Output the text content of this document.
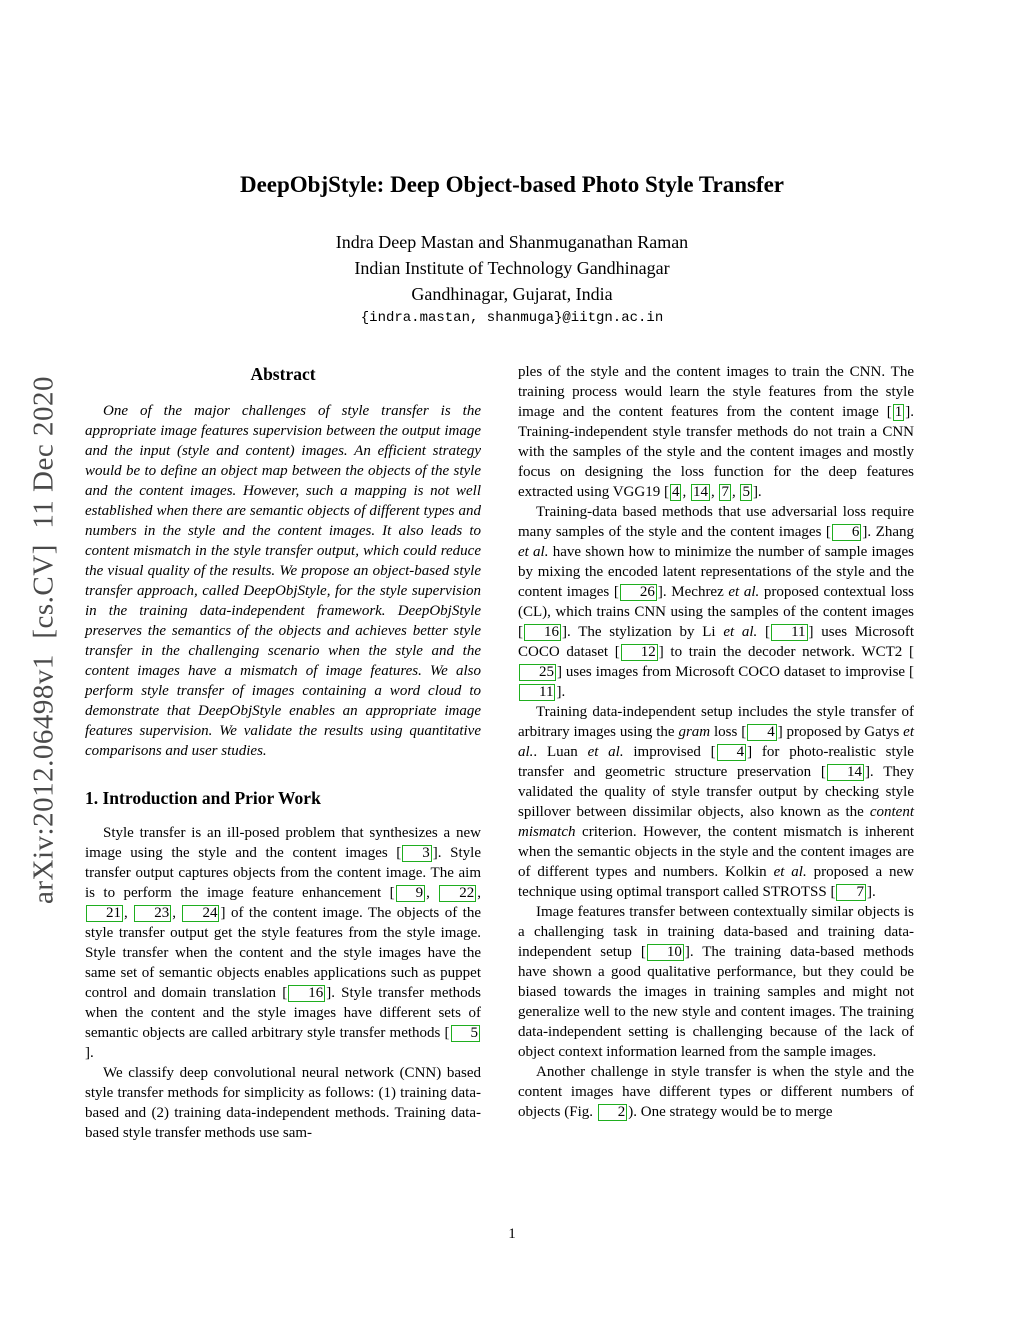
arXiv:2012.06498v1  [cs.CV]  11 Dec 2020
DeepObjStyle: Deep Object-based Photo Style Transfer
Indra Deep Mastan and Shanmuganathan Raman
Indian Institute of Technology Gandhinagar
Gandhinagar, Gujarat, India
{indra.mastan, shanmuga}@iitgn.ac.in
Abstract

One of the major challenges of style transfer is the appropriate image features supervision between the output image and the input (style and content) images. An efficient strategy would be to define an object map between the objects of the style and the content images. However, such a mapping is not well established when there are semantic objects of different types and numbers in the style and the content images. It also leads to content mismatch in the style transfer output, which could reduce the visual quality of the results. We propose an object-based style transfer approach, called DeepObjStyle, for the style supervision in the training data-independent framework. DeepObjStyle preserves the semantics of the objects and achieves better style transfer in the challenging scenario when the style and the content images have a mismatch of image features. We also perform style transfer of images containing a word cloud to demonstrate that DeepObjStyle enables an appropriate image features supervision. We validate the results using quantitative comparisons and user studies.

1. Introduction and Prior Work

Style transfer is an ill-posed problem that synthesizes a new image using the style and the content images [ 3 ]. Style transfer output captures objects from the content image. The aim is to perform the image feature enhancement [ 9 , 22 , 21 , 23 , 24 ] of the content image. The objects of the style transfer output get the style features from the style image. Style transfer when the content and the style images have the same set of semantic objects enables applications such as puppet control and domain translation [ 16 ]. Style transfer methods when the content and the style images have different sets of semantic objects are called arbitrary style transfer methods [ 5].

We classify deep convolutional neural network (CNN) based style transfer methods for simplicity as follows: (1) training data-based and (2) training data-independent methods. Training data-based style transfer methods use sam-

ples of the style and the content images to train the CNN. The training process would learn the style features from the style image and the content features from the content image [ 1 ]. Training-independent style transfer methods do not train a CNN with the samples of the style and the content images and mostly focus on designing the loss function for the deep features extracted using VGG19 [ 4 , 14 , 7 , 5 ].

Training-data based methods that use adversarial loss require many samples of the style and the content images [ 6 ]. Zhang et al. have shown how to minimize the number of sample images by mixing the encoded latent representations of the style and the content images [ 26 ]. Mechrez et al. proposed contextual loss (CL), which trains CNN using the samples of the content images [ 16 ]. The stylization by Li et al. [ 11 ] uses Microsoft COCO dataset [ 12 ] to train the decoder network. WCT2 [25 ] uses images from Microsoft COCO dataset to improvise [11 ].

Training data-independent setup includes the style transfer of arbitrary images using the gram loss [ 4 ] proposed by Gatys et al.. Luan et al. improvised [ 4 ] for photo-realistic style transfer and geometric structure preservation [ 14 ]. They validated the quality of style transfer output by checking style spillover between dissimilar objects, also known as the content mismatch criterion. However, the content mismatch is inherent when the semantic objects in the style and the content images are of different types and numbers. Kolkin et al. proposed a new technique using optimal transport called STROTSS [ 7 ].

Image features transfer between contextually similar objects is a challenging task in training data-based and training data-independent setup [ 10 ]. The training data-based methods have shown a good qualitative performance, but they could be biased towards the images in training samples and might not generalize well to the new style and content images. The training data-independent setting is challenging because of the lack of object context information learned from the sample images.

Another challenge in style transfer is when the style and the content images have different types or different numbers of objects (Fig. 2 ). One strategy would be to merge

1
